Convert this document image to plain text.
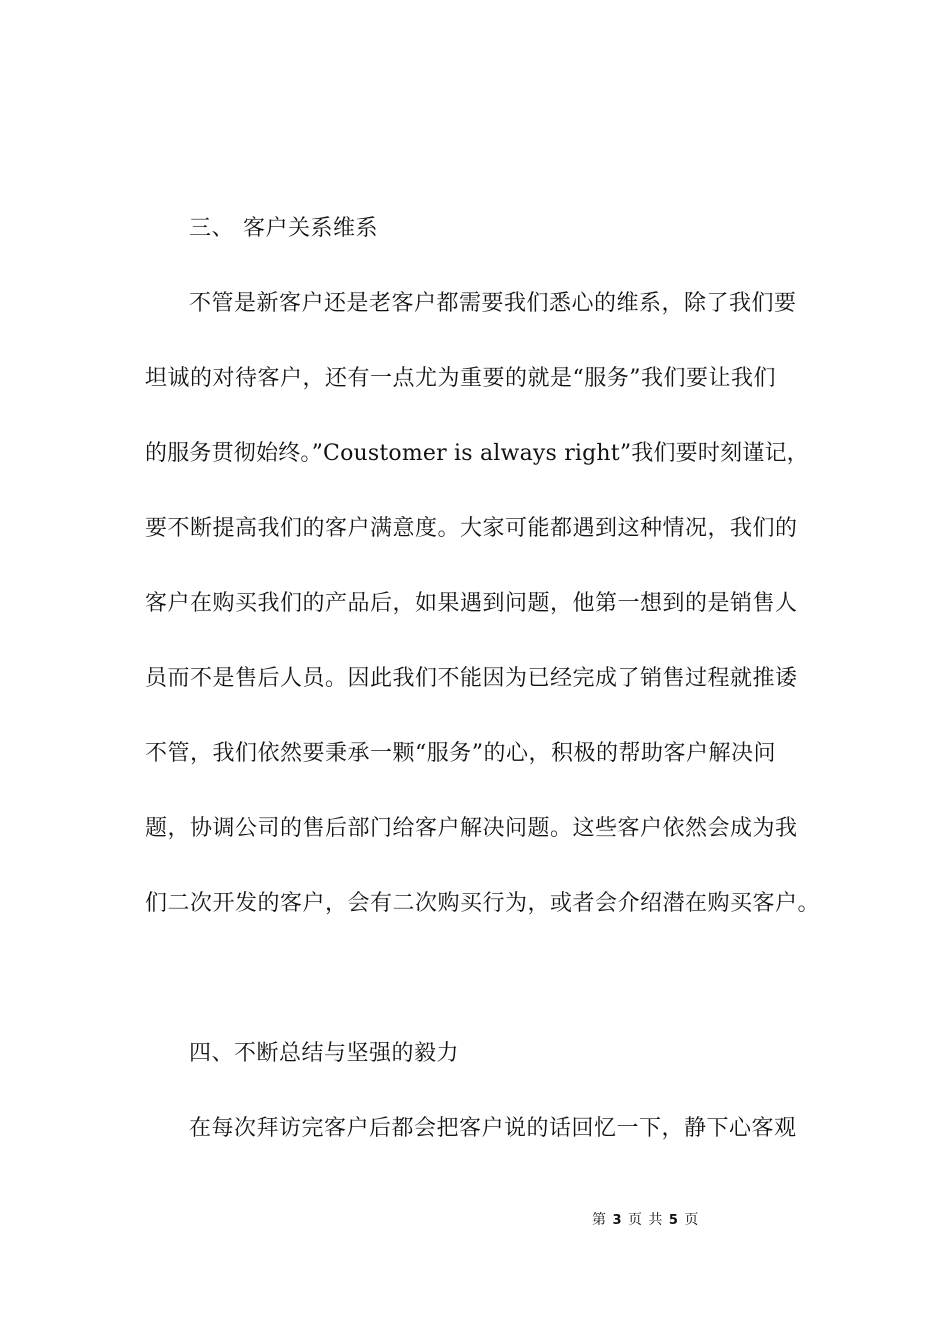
三、 客户关系维系
不管是新客户还是老客户都需要我们悉心的维系，除了我们要
坦诚的对待客户，还有一点尤为重要的就是“服务”我们要让我们
的服务贯彻始终。”Coustomer is always right”我们要时刻谨记，
要不断提高我们的客户满意度。大家可能都遇到这种情况，我们的
客户在购买我们的产品后，如果遇到问题，他第一想到的是销售人
员而不是售后人员。因此我们不能因为已经完成了销售过程就推诿
不管，我们依然要秉承一颗“服务”的心，积极的帮助客户解决问
题，协调公司的售后部门给客户解决问题。这些客户依然会成为我
们二次开发的客户，会有二次购买行为，或者会介绍潜在购买客户。
四、不断总结与坚强的毅力
在每次拜访完客户后都会把客户说的话回忆一下，静下心客观
第 3 页 共 5 页
